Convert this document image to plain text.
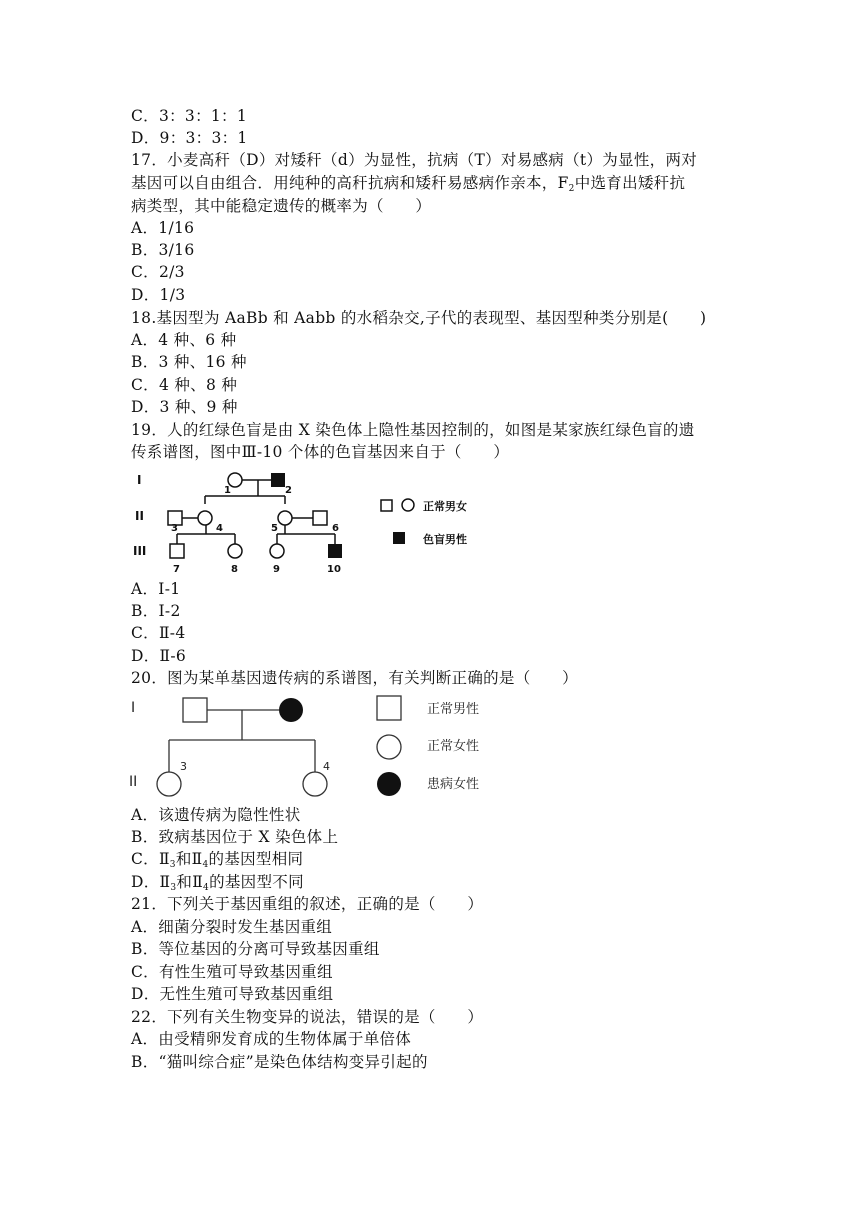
C．3：3：1：1
D．9：3：3：1
17．小麦高秆（D）对矮秆（d）为显性，抗病（T）对易感病（t）为显性，两对
基因可以自由组合．用纯种的高秆抗病和矮秆易感病作亲本，$F_2$中选育出矮秆抗
病类型，其中能稳定遗传的概率为（　　）
A．1/16
B．3/16
C．2/3
D．1/3
18.基因型为 AaBb 和 Aabb 的水稻杂交,子代的表现型、基因型种类分别是(　　)
A．4 种、6 种
B．3 种、16 种
C．4 种、8 种
D．3 种、9 种
19．人的红绿色盲是由 X 染色体上隐性基因控制的，如图是某家族红绿色盲的遗
传系谱图，图中Ⅲ-10 个体的色盲基因来自于（　　）
I
II
III
1	2
3	4	5	6
7	8	9	10
正常男女
色盲男性
A．Ⅰ-1
B．Ⅰ-2
C．Ⅱ-4
D．Ⅱ-6
20．图为某单基因遗传病的系谱图，有关判断正确的是（　　）
I
II
3	4
正常男性
正常女性
患病女性
A．该遗传病为隐性性状
B．致病基因位于 X 染色体上
C．$Ⅱ_3$和$Ⅱ_4$的基因型相同
D．$Ⅱ_3$和$Ⅱ_4$的基因型不同
21．下列关于基因重组的叙述，正确的是（　　）
A．细菌分裂时发生基因重组
B．等位基因的分离可导致基因重组
C．有性生殖可导致基因重组
D．无性生殖可导致基因重组
22．下列有关生物变异的说法，错误的是（　　）
A．由受精卵发育成的生物体属于单倍体
B．“猫叫综合症”是染色体结构变异引起的
